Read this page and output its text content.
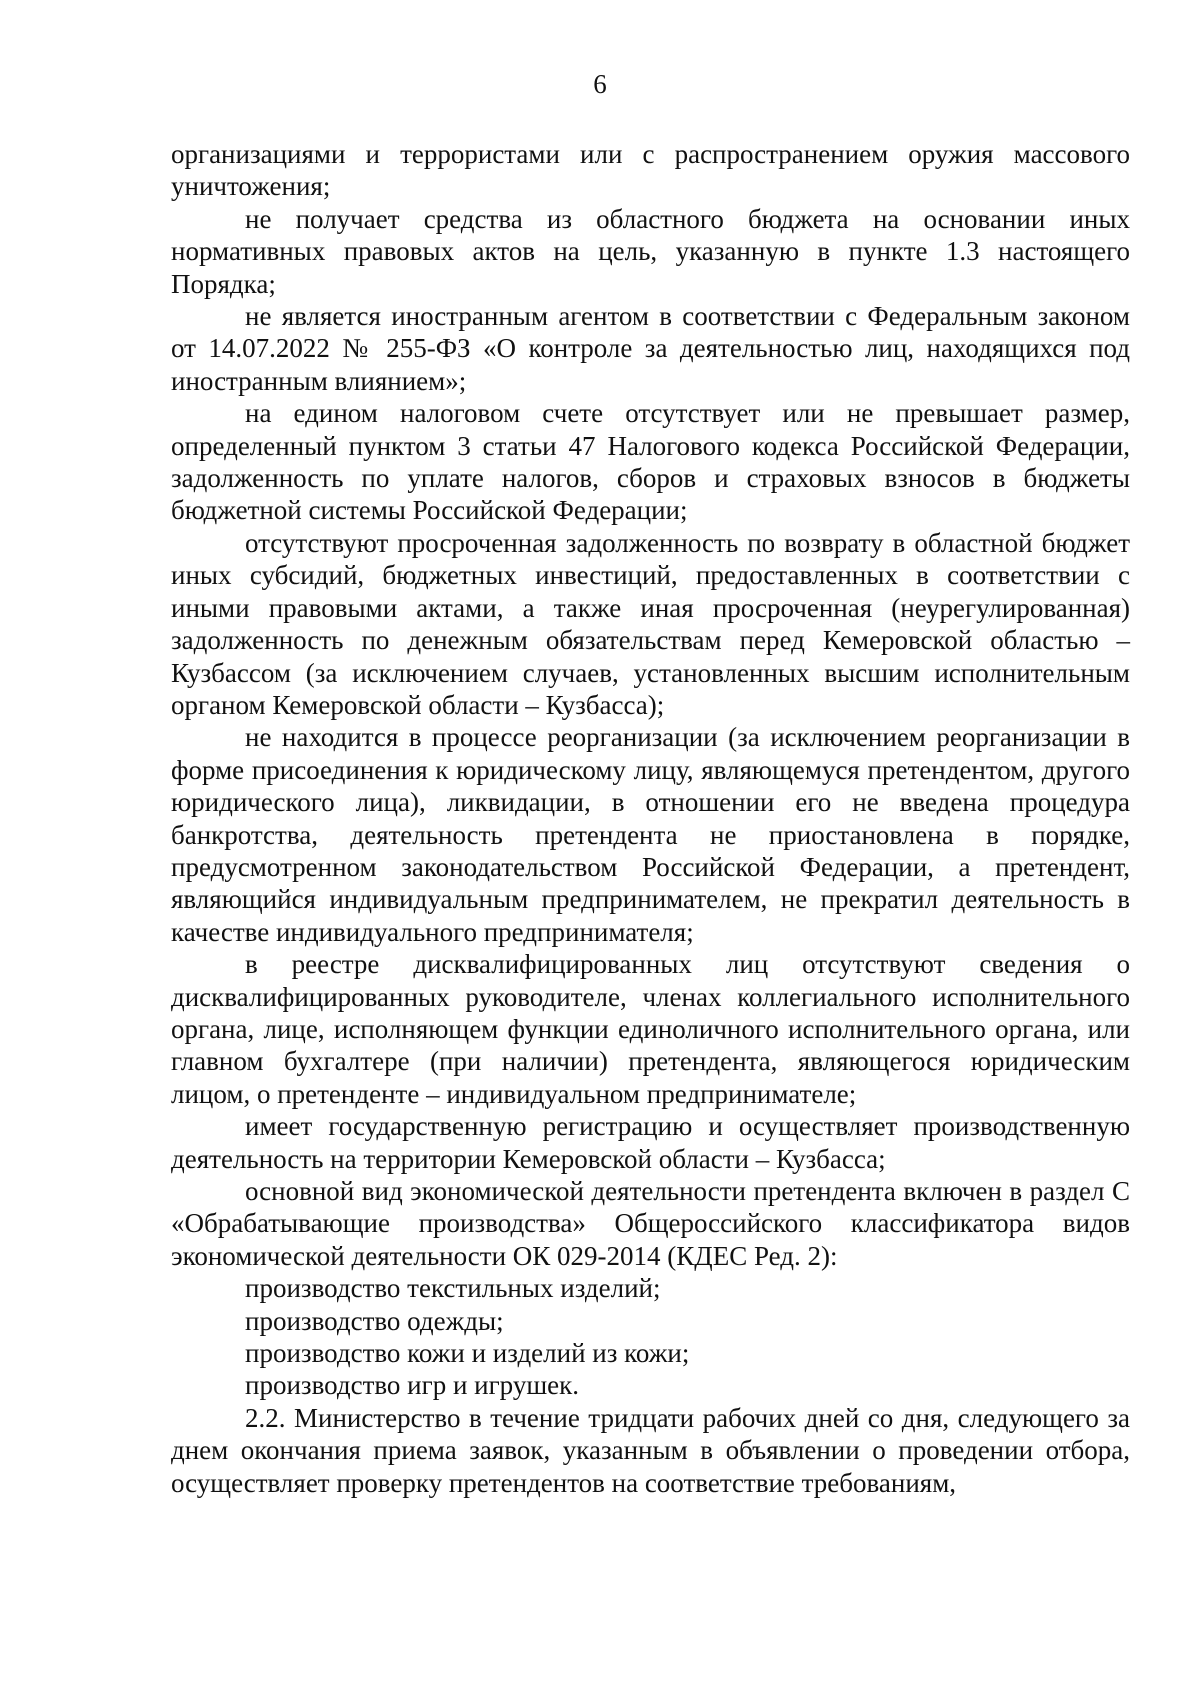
6

организациями и террористами или с распространением оружия массового уничтожения;

не получает средства из областного бюджета на основании иных нормативных правовых актов на цель, указанную в пункте 1.3 настоящего Порядка;

не является иностранным агентом в соответствии с Федеральным законом от 14.07.2022 № 255-ФЗ «О контроле за деятельностью лиц, находящихся под иностранным влиянием»;

на едином налоговом счете отсутствует или не превышает размер, определенный пунктом 3 статьи 47 Налогового кодекса Российской Федерации, задолженность по уплате налогов, сборов и страховых взносов в бюджеты бюджетной системы Российской Федерации;

отсутствуют просроченная задолженность по возврату в областной бюджет иных субсидий, бюджетных инвестиций, предоставленных в соответствии с иными правовыми актами, а также иная просроченная (неурегулированная) задолженность по денежным обязательствам перед Кемеровской областью – Кузбассом (за исключением случаев, установленных высшим исполнительным органом Кемеровской области – Кузбасса);

не находится в процессе реорганизации (за исключением реорганизации в форме присоединения к юридическому лицу, являющемуся претендентом, другого юридического лица), ликвидации, в отношении его не введена процедура банкротства, деятельность претендента не приостановлена в порядке, предусмотренном законодательством Российской Федерации, а претендент, являющийся индивидуальным предпринимателем, не прекратил деятельность в качестве индивидуального предпринимателя;

в реестре дисквалифицированных лиц отсутствуют сведения о дисквалифицированных руководителе, членах коллегиального исполнительного органа, лице, исполняющем функции единоличного исполнительного органа, или главном бухгалтере (при наличии) претендента, являющегося юридическим лицом, о претенденте – индивидуальном предпринимателе;

имеет государственную регистрацию и осуществляет производственную деятельность на территории Кемеровской области – Кузбасса;

основной вид экономической деятельности претендента включен в раздел С «Обрабатывающие производства» Общероссийского классификатора видов экономической деятельности ОК 029-2014 (КДЕС Ред. 2):

производство текстильных изделий;

производство одежды;

производство кожи и изделий из кожи;

производство игр и игрушек.

2.2. Министерство в течение тридцати рабочих дней со дня, следующего за днем окончания приема заявок, указанным в объявлении о проведении отбора, осуществляет проверку претендентов на соответствие требованиям,
